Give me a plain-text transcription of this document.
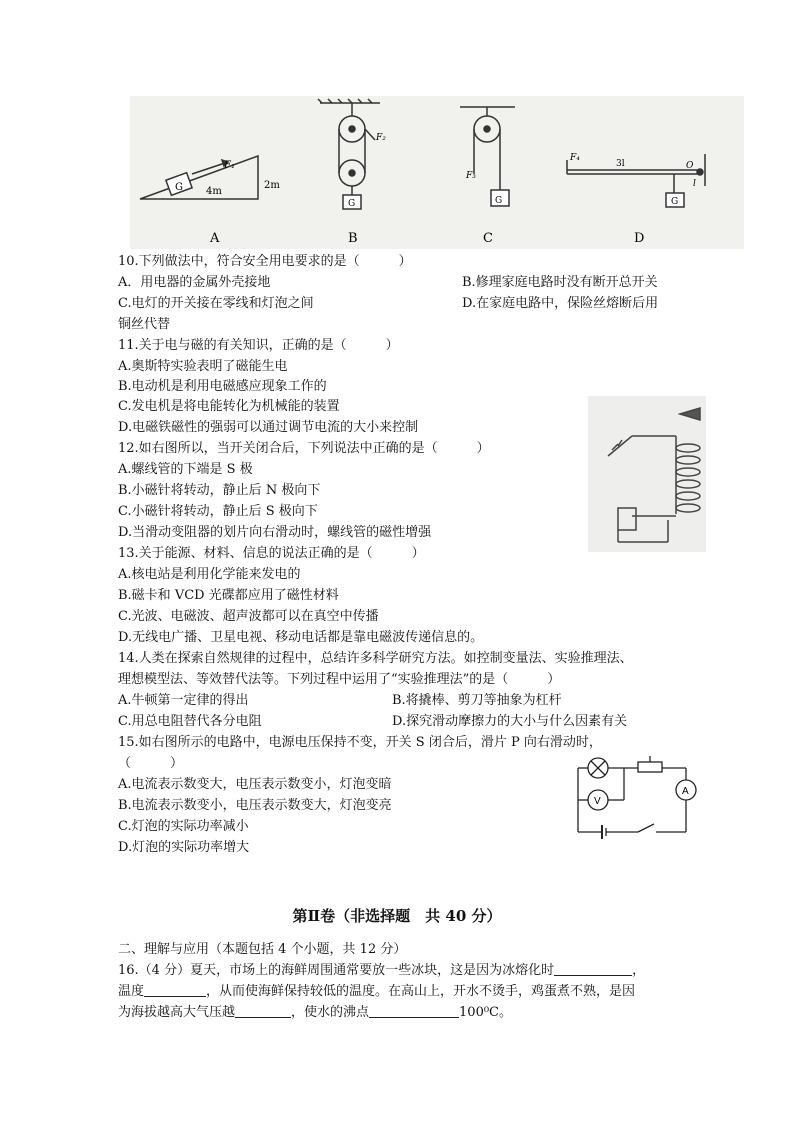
G 4m
2m
F₁
G
F₂
G
F₃
F₄
3l	O
l
G
A	B	C	D
10.下列做法中，符合安全用电要求的是（　　　）
A．用电器的金属外壳接地	B.修理家庭电路时没有断开总开关
C.电灯的开关接在零线和灯泡之间	D.在家庭电路中，保险丝熔断后用
铜丝代替
11.关于电与磁的有关知识，正确的是（　　　）
A.奥斯特实验表明了磁能生电
B.电动机是利用电磁感应现象工作的
C.发电机是将电能转化为机械能的装置
D.电磁铁磁性的强弱可以通过调节电流的大小来控制
12.如右图所以，当开关闭合后，下列说法中正确的是（　　　）
A.螺线管的下端是 S 极
B.小磁针将转动，静止后 N 极向下
C.小磁针将转动，静止后 S 极向下
D.当滑动变阻器的划片向右滑动时，螺线管的磁性增强
13.关于能源、材料、信息的说法正确的是（　　　）
A.核电站是利用化学能来发电的
B.磁卡和 VCD 光碟都应用了磁性材料
C.光波、电磁波、超声波都可以在真空中传播
D.无线电广播、卫星电视、移动电话都是靠电磁波传递信息的。
14.人类在探索自然规律的过程中，总结许多科学研究方法。如控制变量法、实验推理法、
理想模型法、等效替代法等。下列过程中运用了“实验推理法”的是（　　　）
A.牛顿第一定律的得出	B.将撬棒、剪刀等抽象为杠杆
C.用总电阻替代各分电阻	D.探究滑动摩擦力的大小与什么因素有关
15.如右图所示的电路中，电源电压保持不变，开关 S 闭合后，滑片 P 向右滑动时，
（　　　）
A.电流表示数变大，电压表示数变小，灯泡变暗
B.电流表示数变小，电压表示数变大，灯泡变亮
C.灯泡的实际功率减小
D.灯泡的实际功率增大
V
A
第Ⅱ卷（非选择题　共 40 分）
二、理解与应用（本题包括 4 个小题，共 12 分）
16.（4 分）夏天，市场上的海鲜周围通常要放一些冰块，这是因为冰熔化时	，
温度	，从而使海鲜保持较低的温度。在高山上，开水不烫手，鸡蛋煮不熟，是因
为海拔越高大气压越	，使水的沸点	100⁰C。
